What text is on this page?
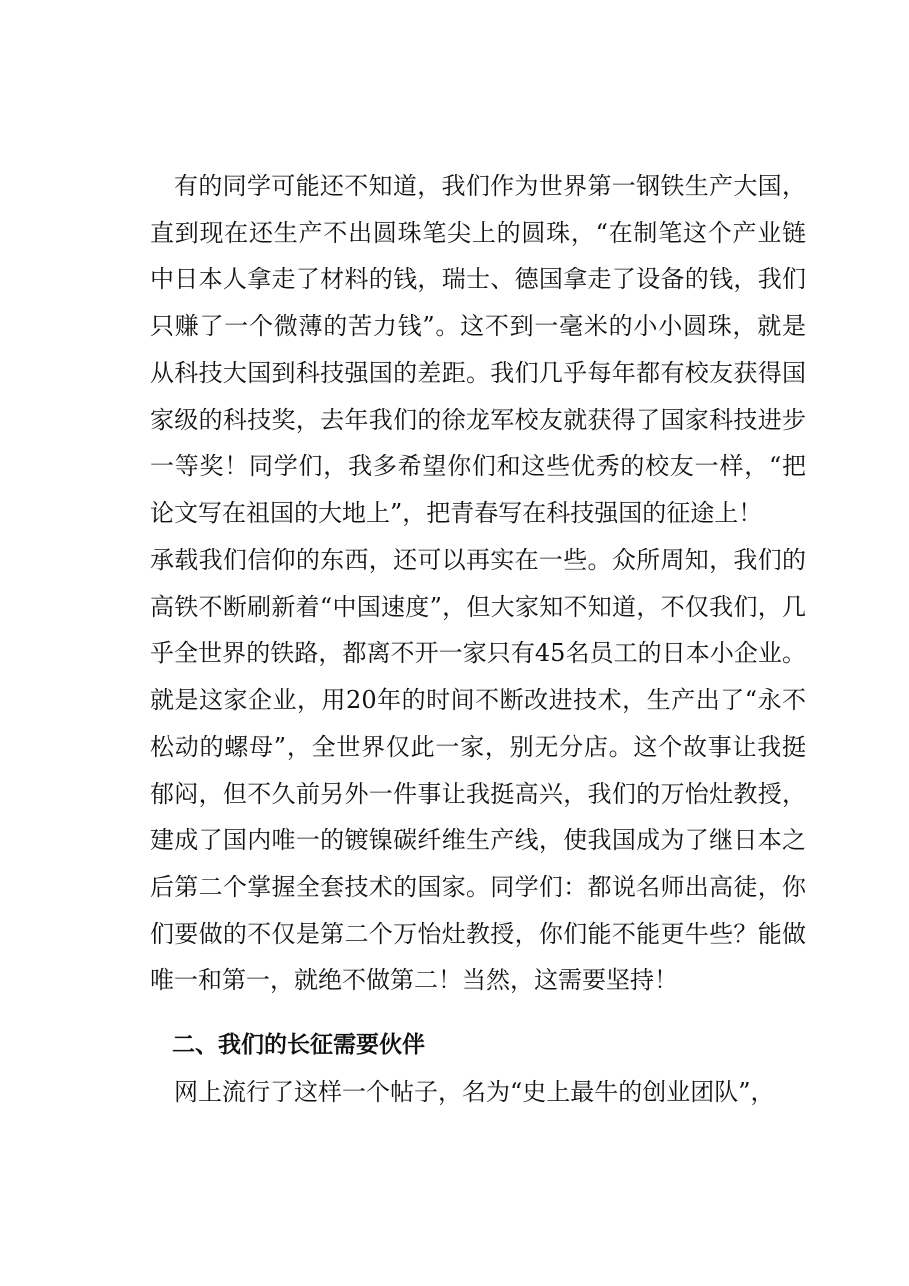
有的同学可能还不知道，我们作为世界第一钢铁生产大国，直到现在还生产不出圆珠笔尖上的圆珠，“在制笔这个产业链中日本人拿走了材料的钱，瑞士、德国拿走了设备的钱，我们只赚了一个微薄的苦力钱”。这不到一毫米的小小圆珠，就是从科技大国到科技强国的差距。我们几乎每年都有校友获得国家级的科技奖，去年我们的徐龙军校友就获得了国家科技进步一等奖！同学们，我多希望你们和这些优秀的校友一样，“把论文写在祖国的大地上”，把青春写在科技强国的征途上！

承载我们信仰的东西，还可以再实在一些。众所周知，我们的高铁不断刷新着“中国速度”，但大家知不知道，不仅我们，几乎全世界的铁路，都离不开一家只有45名员工的日本小企业。就是这家企业，用20年的时间不断改进技术，生产出了“永不松动的螺母”，全世界仅此一家，别无分店。这个故事让我挺郁闷，但不久前另外一件事让我挺高兴，我们的万怡灶教授，建成了国内唯一的镀镍碳纤维生产线，使我国成为了继日本之后第二个掌握全套技术的国家。同学们：都说名师出高徒，你们要做的不仅是第二个万怡灶教授，你们能不能更牛些？能做唯一和第一，就绝不做第二！当然，这需要坚持！

二、我们的长征需要伙伴

网上流行了这样一个帖子，名为“史上最牛的创业团队”，
